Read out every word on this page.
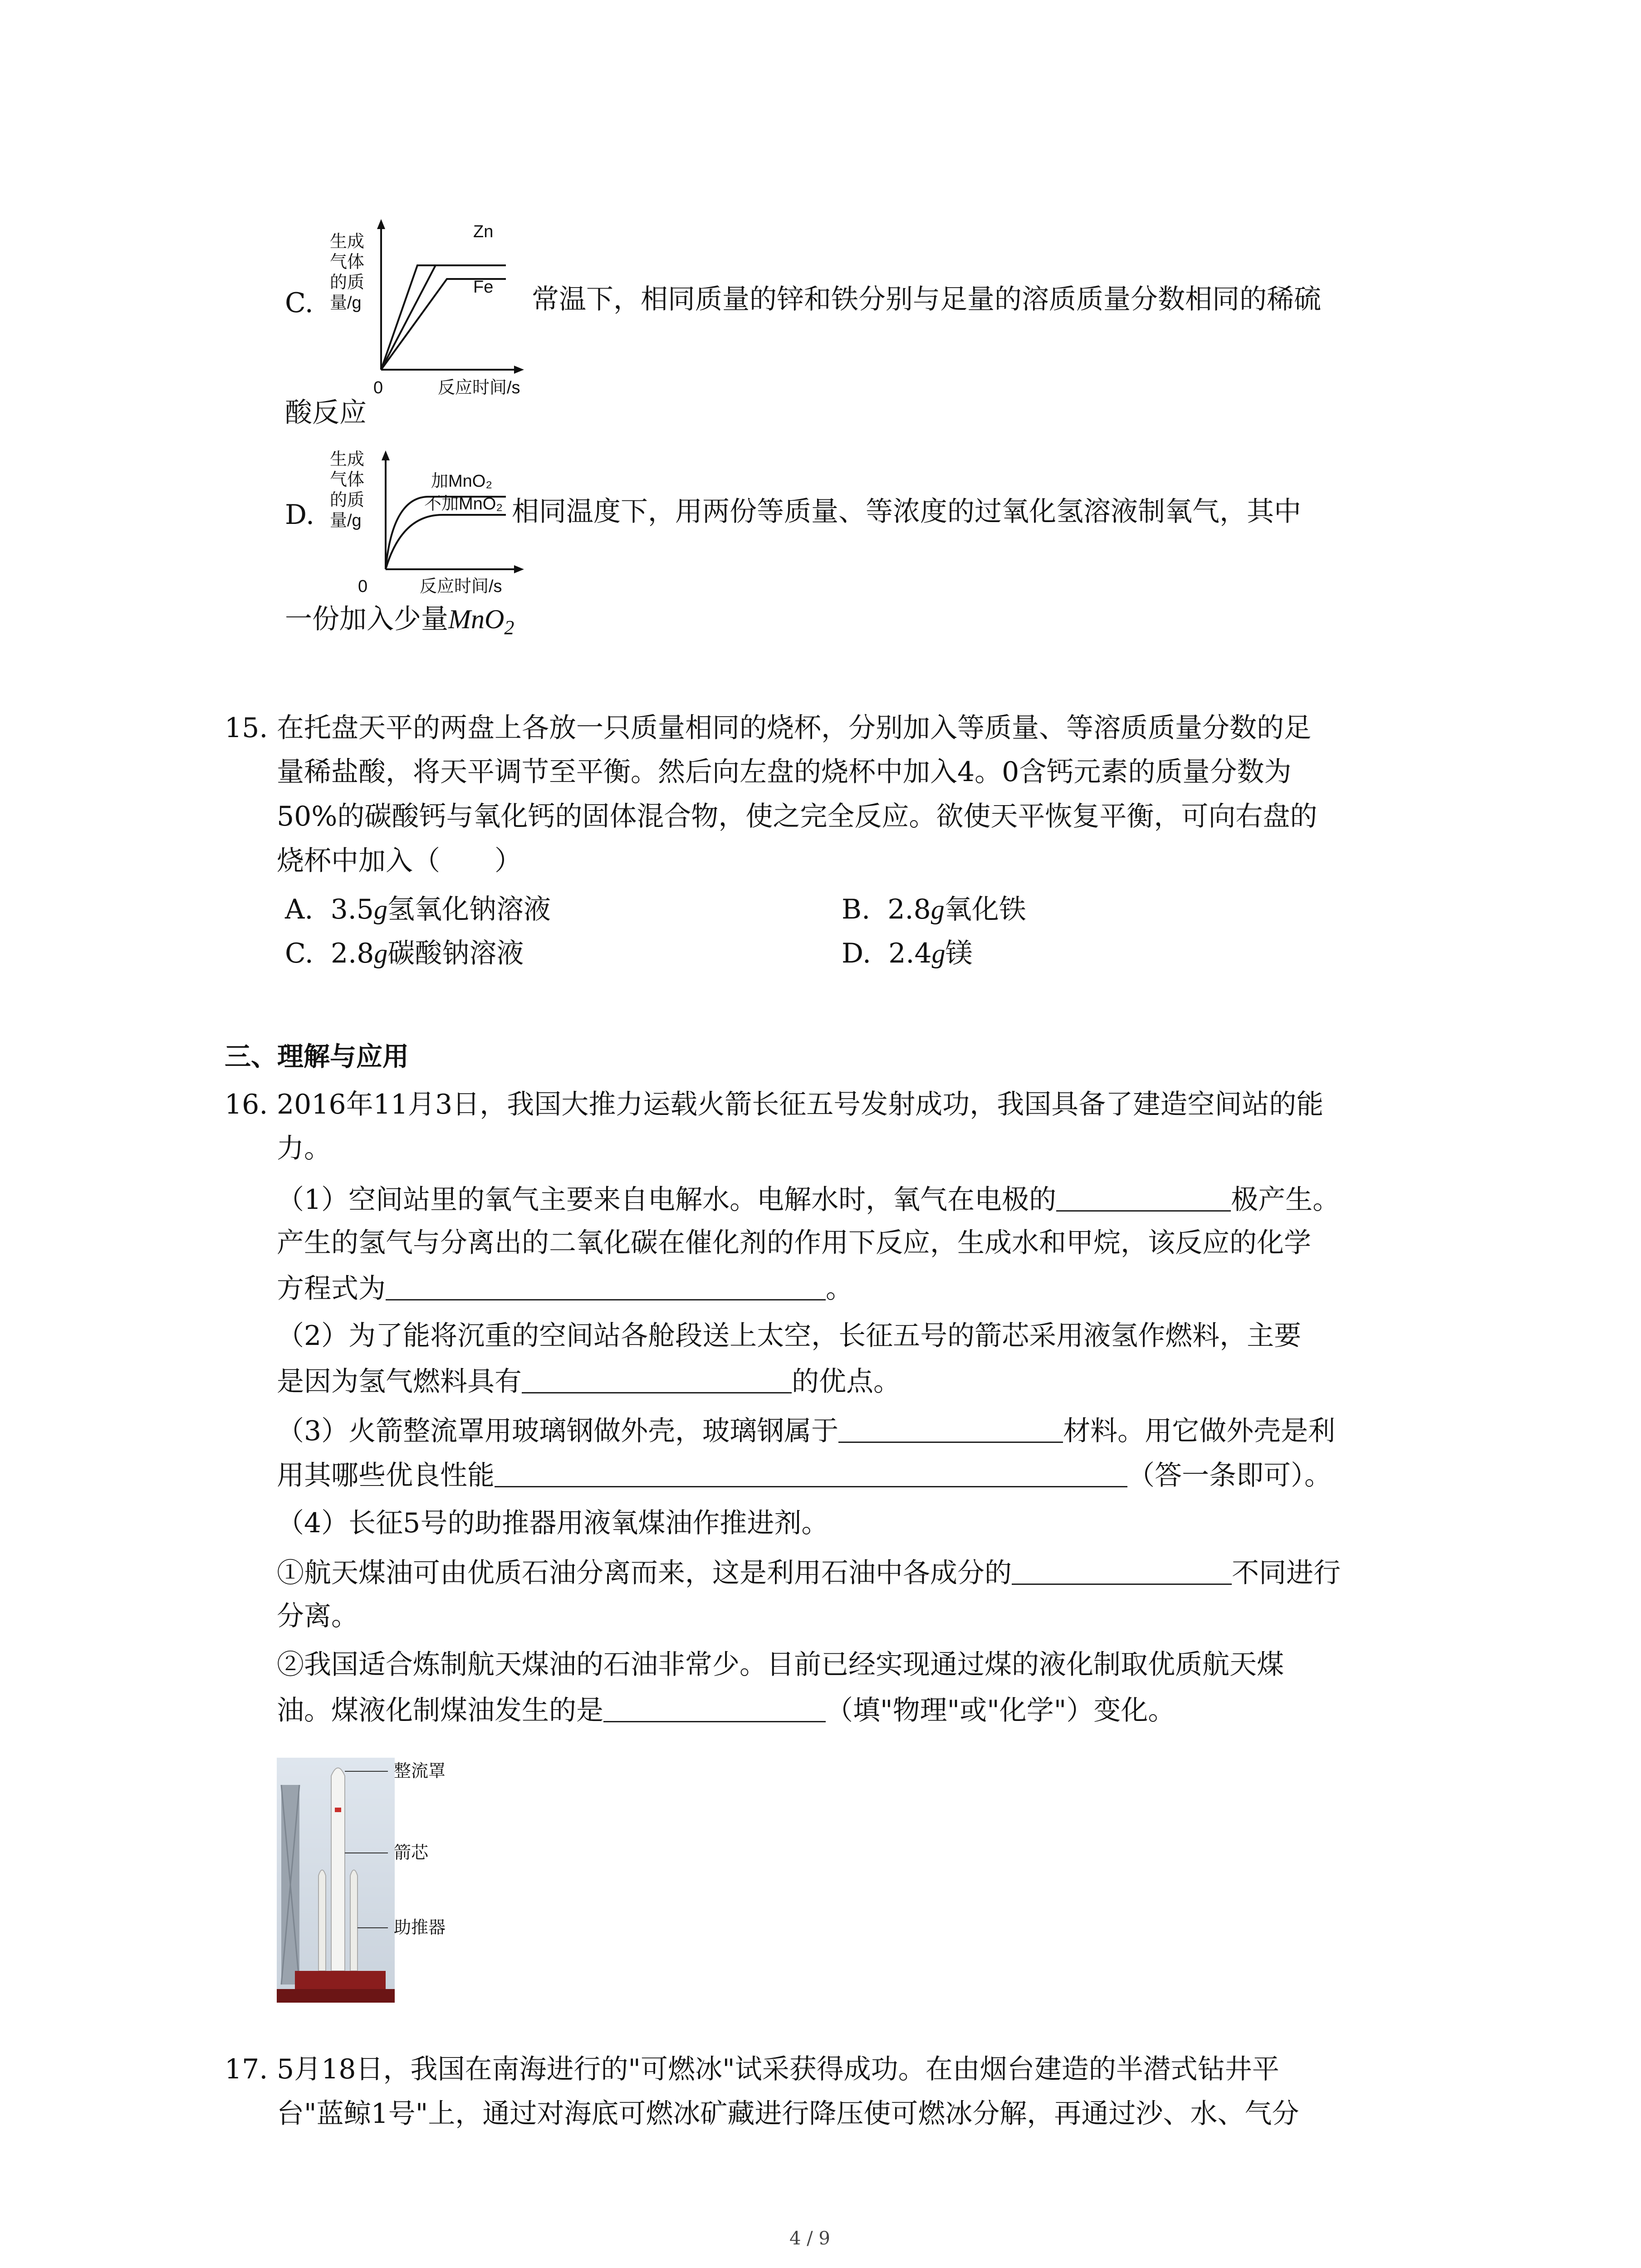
C.
Zn
Fe
生成
气体
的质
量/g
0	反应时间/s
常温下，相同质量的锌和铁分别与足量的溶质质量分数相同的稀硫
酸反应
D.
加MnO₂
不加MnO₂
生成
气体
的质
量/g
0	反应时间/s
相同温度下，用两份等质量、等浓度的过氧化氢溶液制氧气，其中
一份加入少量MnO$_2$
15. 在托盘天平的两盘上各放一只质量相同的烧杯，分别加入等质量、等溶质质量分数的足
量稀盐酸，将天平调节至平衡。然后向左盘的烧杯中加入4。0含钙元素的质量分数为
50%的碳酸钙与氧化钙的固体混合物，使之完全反应。欲使天平恢复平衡，可向右盘的
烧杯中加入（　　）
A. 3.5g氢氧化钠溶液	B. 2.8g氧化铁
C. 2.8g碳酸钠溶液	D. 2.4g镁
三、理解与应用
16. 2016年11月3日，我国大推力运载火箭长征五号发射成功，我国具备了建造空间站的能
力。
（1）空间站里的氧气主要来自电解水。电解水时，氧气在电极的	极产生。
产生的氢气与分离出的二氧化碳在催化剂的作用下反应，生成水和甲烷，该反应的化学
方程式为	。
（2）为了能将沉重的空间站各舱段送上太空，长征五号的箭芯采用液氢作燃料，主要
是因为氢气燃料具有	的优点。
（3）火箭整流罩用玻璃钢做外壳，玻璃钢属于	材料。用它做外壳是利
用其哪些优良性能	（答一条即可）。
（4）长征5号的助推器用液氧煤油作推进剂。
①航天煤油可由优质石油分离而来，这是利用石油中各成分的	不同进行
分离。
②我国适合炼制航天煤油的石油非常少。目前已经实现通过煤的液化制取优质航天煤
油。煤液化制煤油发生的是	（填"物理"或"化学"）变化。
整流罩
箭芯
助推器
17. 5月18日，我国在南海进行的"可燃冰"试采获得成功。在由烟台建造的半潜式钻井平
台"蓝鲸1号"上，通过对海底可燃冰矿藏进行降压使可燃冰分解，再通过沙、水、气分
4 / 9
